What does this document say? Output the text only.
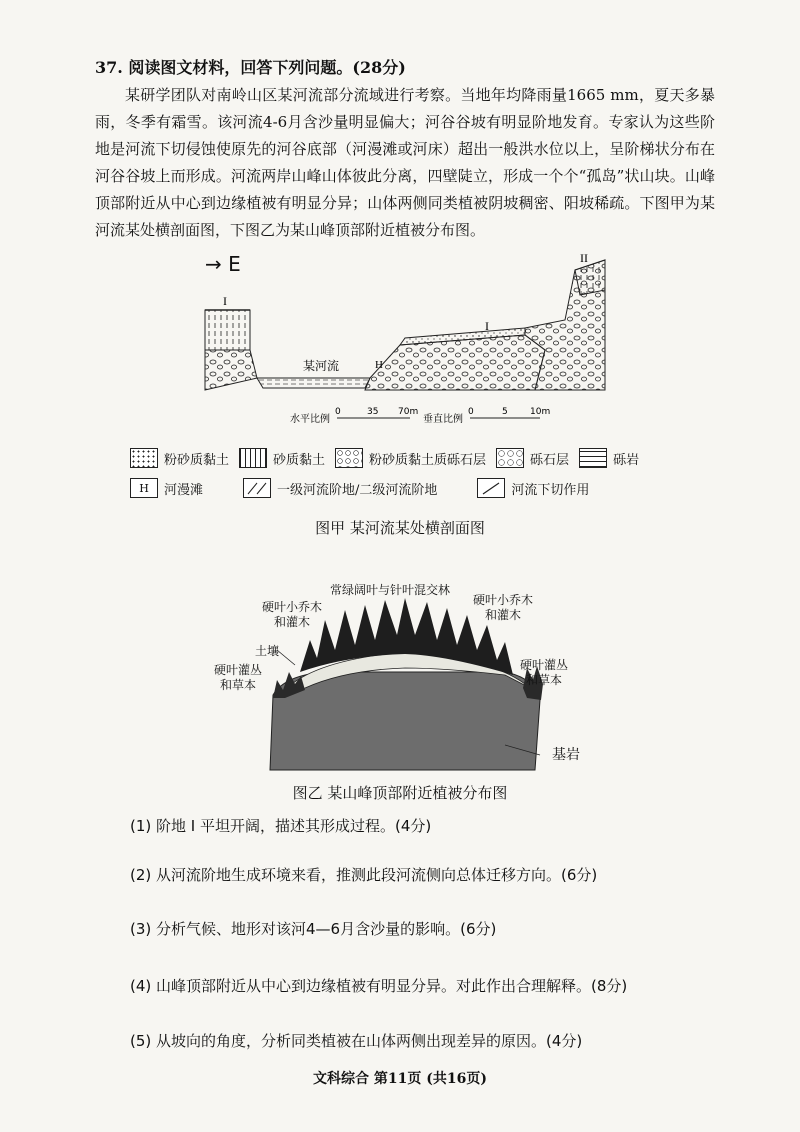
37. 阅读图文材料，回答下列问题。(28分)
某研学团队对南岭山区某河流部分流域进行考察。当地年均降雨量1665 mm，夏天多暴雨，冬季有霜雪。该河流4-6月含沙量明显偏大；河谷谷坡有明显阶地发育。专家认为这些阶地是河流下切侵蚀使原先的河谷底部（河漫滩或河床）超出一般洪水位以上，呈阶梯状分布在河谷谷坡上而形成。河流两岸山峰山体彼此分离，四壁陡立，形成一个个“孤岛”状山块。山峰顶部附近从中心到边缘植被有明显分异；山体两侧同类植被阴坡稠密、阳坡稀疏。下图甲为某河流某处横剖面图，下图乙为某山峰顶部附近植被分布图。
→ E
I
I
II
H
某河流
水平比例
0	35 70m
垂直比例
0	5 10m
粉砂质黏土	砂质黏土	粉砂质黏土质砾石层	砾石层	砾岩
H	河漫滩	一级河流阶地/二级河流阶地	河流下切作用
图甲 某河流某处横剖面图
常绿阔叶与针叶混交林
硬叶小乔木
和灌木
硬叶小乔木
和灌木
土壤
硬叶灌丛
和草本
硬叶灌丛
和草本
基岩
图乙 某山峰顶部附近植被分布图
(1) 阶地 I 平坦开阔，描述其形成过程。(4分)
(2) 从河流阶地生成环境来看，推测此段河流侧向总体迁移方向。(6分)
(3) 分析气候、地形对该河4—6月含沙量的影响。(6分)
(4) 山峰顶部附近从中心到边缘植被有明显分异。对此作出合理解释。(8分)
(5) 从坡向的角度，分析同类植被在山体两侧出现差异的原因。(4分)
文科综合 第11页 (共16页)
